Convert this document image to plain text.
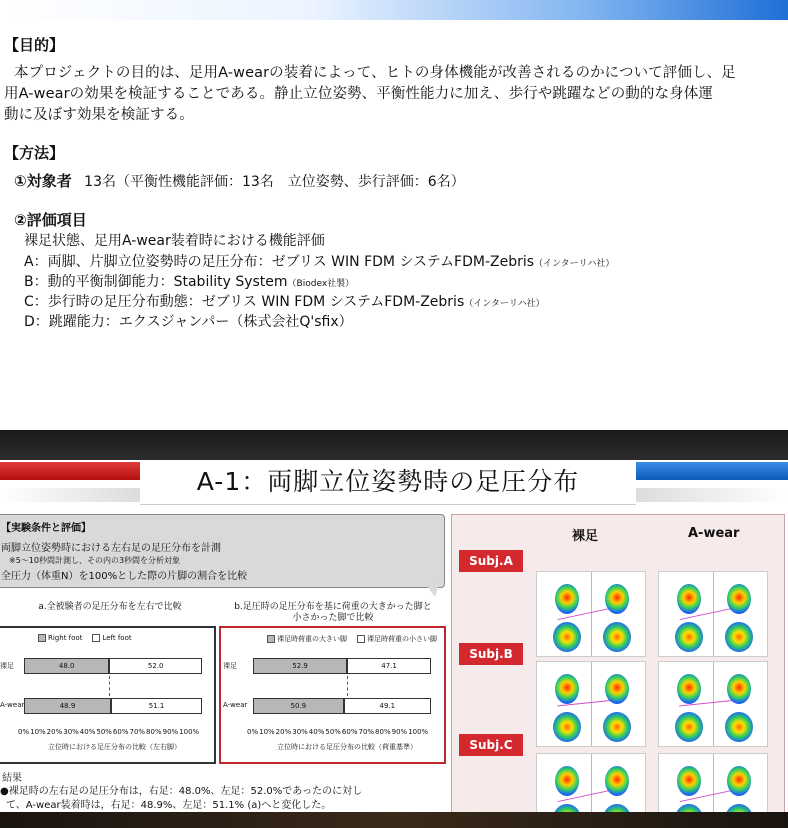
【目的】
本プロジェクトの目的は、足用A-wearの装着によって、ヒトの身体機能が改善されるのかについて評価し、足
用A-wearの効果を検証することである。静止立位姿勢、平衡性能力に加え、歩行や跳躍などの動的な身体運
動に及ぼす効果を検証する。
【方法】
①対象者 13名（平衡性機能評価：13名　立位姿勢、歩行評価：6名）
②評価項目
裸足状態、足用A-wear装着時における機能評価
A：両脚、片脚立位姿勢時の足圧分布：ゼブリス WIN FDM システムFDM-Zebris（インターリハ社）
B：動的平衡制御能力：Stability System（Biodex社製）
C：歩行時の足圧分布動態：ゼブリス WIN FDM システムFDM-Zebris（インターリハ社）
D：跳躍能力：エクスジャンパー（株式会社Q'sfix）
A-1：両脚立位姿勢時の足圧分布
【実験条件と評価】
両脚立位姿勢時における左右足の足圧分布を計測
※5〜10秒間計測し、その内の3秒間を分析対象
全圧力（体重N）を100%とした際の片脚の割合を比較
a.全被験者の足圧分布を左右で比較	b.足圧時の足圧分布を基に荷重の大きかった脚と
小さかった脚で比較
Right foot	Left foot
裸足	48.0	52.0
A-wear	48.9	51.1
0%10%20%30%40%50%60%70%80%90%100%
立位時における足圧分布の比較（左右脚）
裸足時荷重の大きい脚	裸足時荷重の小さい脚
裸足	52.9	47.1
A-wear	50.9	49.1
0%10%20%30%40%50%60%70%80%90%100%
立位時における足圧分布の比較（荷重基準）
結果
●裸足時の左右足の足圧分布は，右足：48.0%、左足：52.0%であったのに対し
て、A-wear装着時は，右足：48.9%、左足：51.1% (a)へと変化した。
裸足	A-wear
Subj.A
Subj.B
Subj.C
